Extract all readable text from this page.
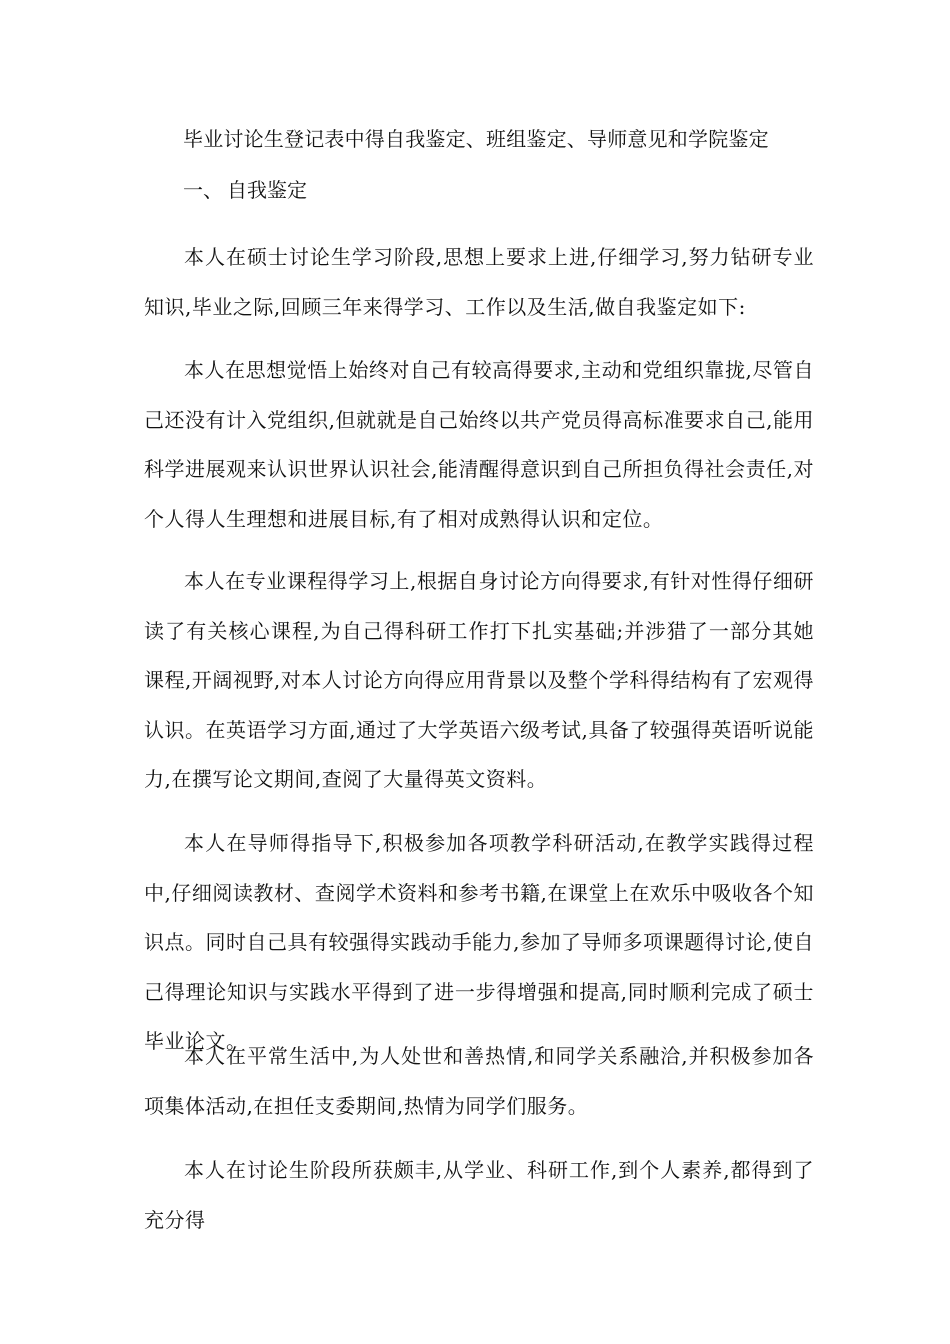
毕业讨论生登记表中得自我鉴定、班组鉴定、导师意见和学院鉴定
一、 自我鉴定

本人在硕士讨论生学习阶段,思想上要求上进,仔细学习,努力钻研专业知识,毕业之际,回顾三年来得学习、工作以及生活,做自我鉴定如下:

本人在思想觉悟上始终对自己有较高得要求,主动和党组织靠拢,尽管自己还没有计入党组织,但就就是自己始终以共产党员得高标准要求自己,能用科学进展观来认识世界认识社会,能清醒得意识到自己所担负得社会责任,对个人得人生理想和进展目标,有了相对成熟得认识和定位。

本人在专业课程得学习上,根据自身讨论方向得要求,有针对性得仔细研读了有关核心课程,为自己得科研工作打下扎实基础;并涉猎了一部分其她课程,开阔视野,对本人讨论方向得应用背景以及整个学科得结构有了宏观得认识。在英语学习方面,通过了大学英语六级考试,具备了较强得英语听说能力,在撰写论文期间,查阅了大量得英文资料。

本人在导师得指导下,积极参加各项教学科研活动,在教学实践得过程中,仔细阅读教材、查阅学术资料和参考书籍,在课堂上在欢乐中吸收各个知识点。同时自己具有较强得实践动手能力,参加了导师多项课题得讨论,使自己得理论知识与实践水平得到了进一步得增强和提高,同时顺利完成了硕士毕业论文。

本人在平常生活中,为人处世和善热情,和同学关系融洽,并积极参加各项集体活动,在担任支委期间,热情为同学们服务。

本人在讨论生阶段所获颇丰,从学业、科研工作,到个人素养,都得到了充分得
